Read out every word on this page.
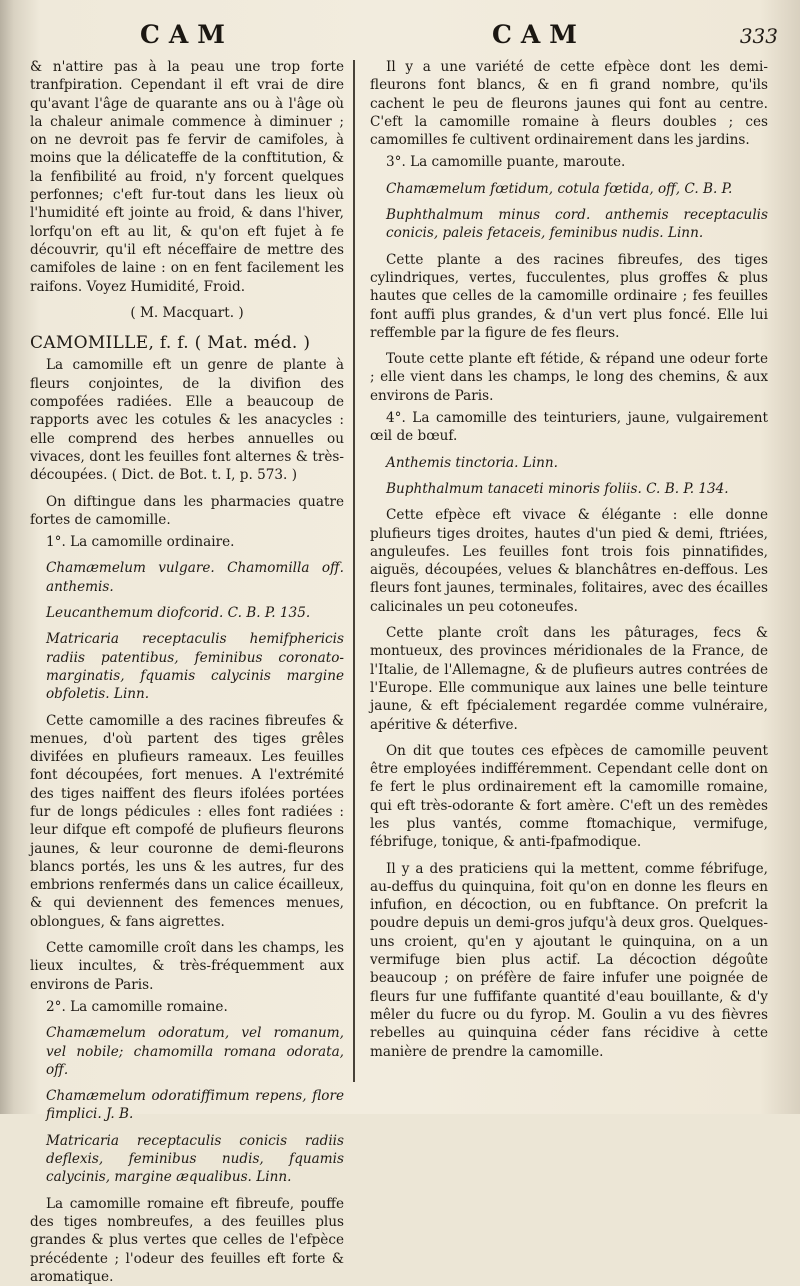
CAM	CAM	333

& n'attire pas à la peau une trop forte tranfpiration. Cependant il eft vrai de dire qu'avant l'âge de quarante ans ou à l'âge où la chaleur animale commence à diminuer ; on ne devroit pas fe fervir de camifoles, à moins que la délicateffe de la conftitution, & la fenfibilité au froid, n'y forcent quelques perfonnes; c'eft fur-tout dans les lieux où l'humidité eft jointe au froid, & dans l'hiver, lorfqu'on eft au lit, & qu'on eft fujet à fe découvrir, qu'il eft néceffaire de mettre des camifoles de laine : on en fent facilement les raifons. Voyez Humidité, Froid.

( M. Macquart. )

CAMOMILLE, f. f. ( Mat. méd. )

La camomille eft un genre de plante à fleurs conjointes, de la divifion des compofées radiées. Elle a beaucoup de rapports avec les cotules & les anacycles : elle comprend des herbes annuelles ou vivaces, dont les feuilles font alternes & très-découpées. ( Dict. de Bot. t. I, p. 573. )

On diftingue dans les pharmacies quatre fortes de camomille.

1°. La camomille ordinaire.

Chamæmelum vulgare. Chamomilla off. anthemis.

Leucanthemum diofcorid. C. B. P. 135.

Matricaria receptaculis hemifphericis radiis patentibus, feminibus coronato-marginatis, fquamis calycinis margine obfoletis. Linn.

Cette camomille a des racines fibreufes & menues, d'où partent des tiges grêles divifées en plufieurs rameaux. Les feuilles font découpées, fort menues. A l'extrémité des tiges naiffent des fleurs ifolées portées fur de longs pédicules : elles font radiées : leur difque eft compofé de plufieurs fleurons jaunes, & leur couronne de demi-fleurons blancs portés, les uns & les autres, fur des embrions renfermés dans un calice écailleux, & qui deviennent des femences menues, oblongues, & fans aigrettes.

Cette camomille croît dans les champs, les lieux incultes, & très-fréquemment aux environs de Paris.

2°. La camomille romaine.

Chamæmelum odoratum, vel romanum, vel nobile; chamomilla romana odorata, off.

Chamæmelum odoratiffimum repens, flore fimplici. J. B.

Matricaria receptaculis conicis radiis deflexis, feminibus nudis, fquamis calycinis, margine æqualibus. Linn.

La camomille romaine eft fibreufe, pouffe des tiges nombreufes, a des feuilles plus grandes & plus vertes que celles de l'efpèce précédente ; l'odeur des feuilles eft forte & aromatique.

Il y a une variété de cette efpèce dont les demi-fleurons font blancs, & en fi grand nombre, qu'ils cachent le peu de fleurons jaunes qui font au centre. C'eft la camomille romaine à fleurs doubles ; ces camomilles fe cultivent ordinairement dans les jardins.

3°. La camomille puante, maroute.

Chamæmelum fœtidum, cotula fœtida, off, C. B. P.

Buphthalmum minus cord. anthemis receptaculis conicis, paleis fetaceis, feminibus nudis. Linn.

Cette plante a des racines fibreufes, des tiges cylindriques, vertes, fucculentes, plus groffes & plus hautes que celles de la camomille ordinaire ; fes feuilles font auffi plus grandes, & d'un vert plus foncé. Elle lui reffemble par la figure de fes fleurs.

Toute cette plante eft fétide, & répand une odeur forte ; elle vient dans les champs, le long des chemins, & aux environs de Paris.

4°. La camomille des teinturiers, jaune, vulgairement œil de bœuf.

Anthemis tinctoria. Linn.

Buphthalmum tanaceti minoris foliis. C. B. P. 134.

Cette efpèce eft vivace & élégante : elle donne plufieurs tiges droites, hautes d'un pied & demi, ftriées, anguleufes. Les feuilles font trois fois pinnatifides, aiguës, découpées, velues & blanchâtres en-deffous. Les fleurs font jaunes, terminales, folitaires, avec des écailles calicinales un peu cotoneufes.

Cette plante croît dans les pâturages, fecs & montueux, des provinces méridionales de la France, de l'Italie, de l'Allemagne, & de plufieurs autres contrées de l'Europe. Elle communique aux laines une belle teinture jaune, & eft fpécialement regardée comme vulnéraire, apéritive & déterfive.

On dit que toutes ces efpèces de camomille peuvent être employées indifféremment. Cependant celle dont on fe fert le plus ordinairement eft la camomille romaine, qui eft très-odorante & fort amère. C'eft un des remèdes les plus vantés, comme ftomachique, vermifuge, fébrifuge, tonique, & anti-fpafmodique.

Il y a des praticiens qui la mettent, comme fébrifuge, au-deffus du quinquina, foit qu'on en donne les fleurs en infufion, en décoction, ou en fubftance. On prefcrit la poudre depuis un demi-gros jufqu'à deux gros. Quelques-uns croient, qu'en y ajoutant le quinquina, on a un vermifuge bien plus actif. La décoction dégoûte beaucoup ; on préfère de faire infufer une poignée de fleurs fur une fuffifante quantité d'eau bouillante, & d'y mêler du fucre ou du fyrop. M. Goulin a vu des fièvres rebelles au quinquina céder fans récidive à cette manière de prendre la camomille.
